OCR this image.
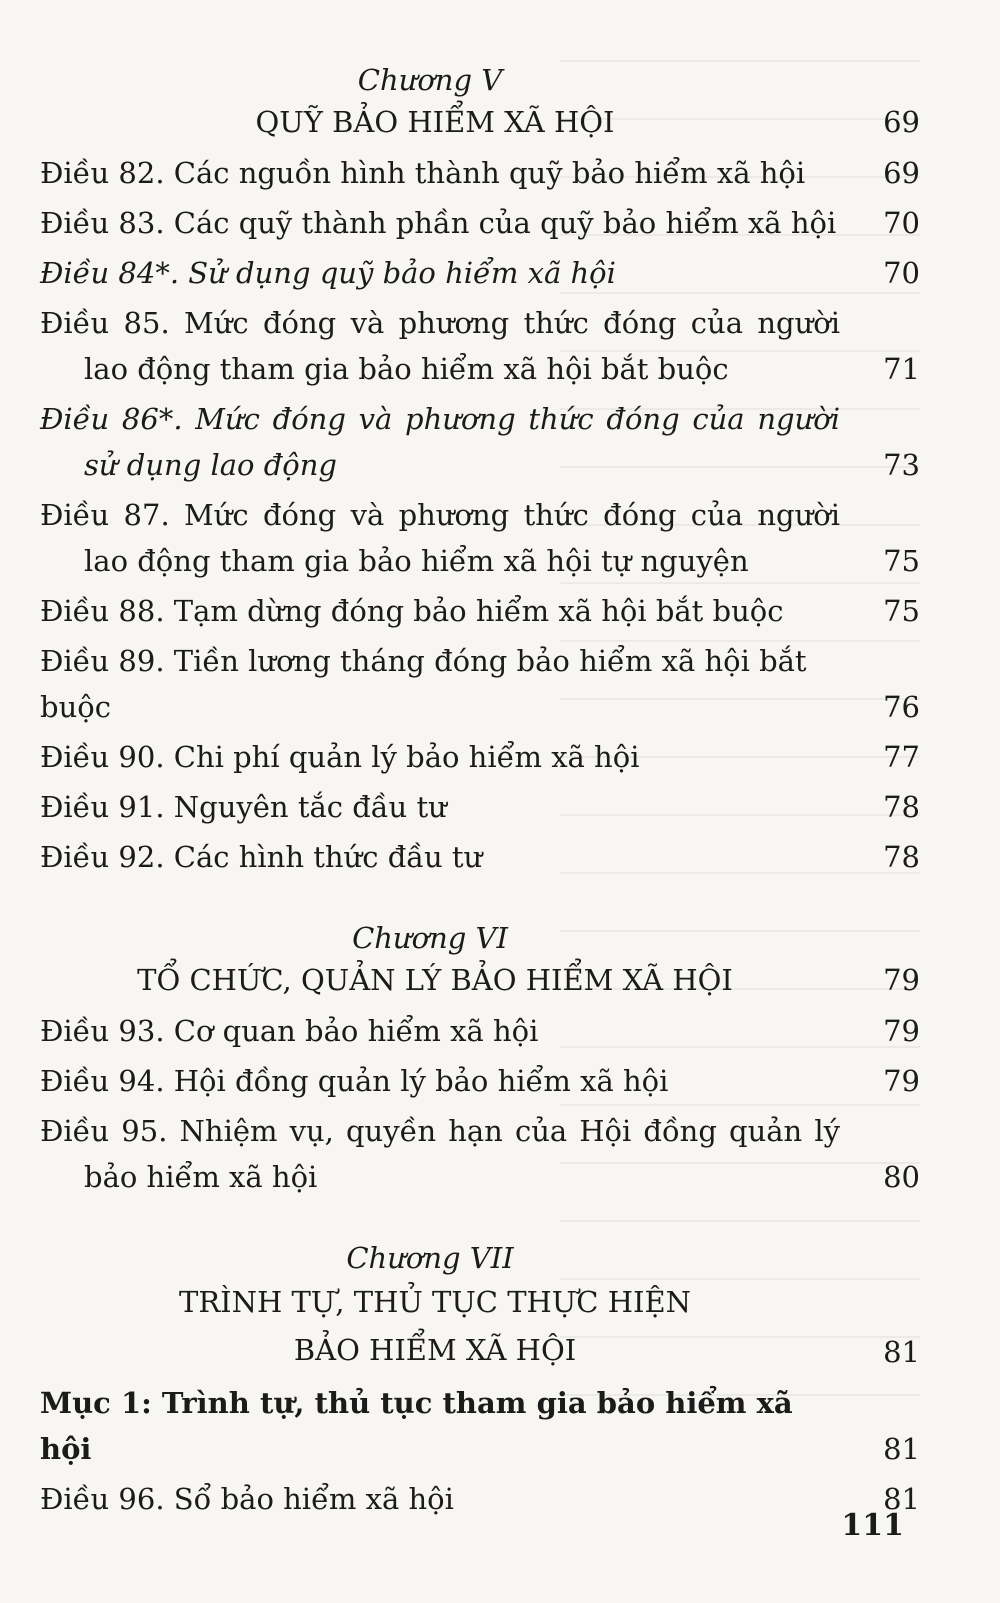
Chương V
QUỸ BẢO HIỂM XÃ HỘI	69
Điều 82. Các nguồn hình thành quỹ bảo hiểm xã hội	69
Điều 83. Các quỹ thành phần của quỹ bảo hiểm xã hội	70
Điều 84*. Sử dụng quỹ bảo hiểm xã hội	70
Điều 85. Mức đóng và phương thức đóng của người
lao động tham gia bảo hiểm xã hội bắt buộc	71
Điều 86*. Mức đóng và phương thức đóng của người
sử dụng lao động	73
Điều 87. Mức đóng và phương thức đóng của người
lao động tham gia bảo hiểm xã hội tự nguyện	75
Điều 88. Tạm dừng đóng bảo hiểm xã hội bắt buộc	75
Điều 89. Tiền lương tháng đóng bảo hiểm xã hội bắt buộc	76
Điều 90. Chi phí quản lý bảo hiểm xã hội	77
Điều 91. Nguyên tắc đầu tư	78
Điều 92. Các hình thức đầu tư	78
Chương VI
TỔ CHỨC, QUẢN LÝ BẢO HIỂM XÃ HỘI	79
Điều 93. Cơ quan bảo hiểm xã hội	79
Điều 94. Hội đồng quản lý bảo hiểm xã hội	79
Điều 95. Nhiệm vụ, quyền hạn của Hội đồng quản lý
bảo hiểm xã hội	80
Chương VII
TRÌNH TỰ, THỦ TỤC THỰC HIỆN
BẢO HIỂM XÃ HỘI	81
Mục 1: Trình tự, thủ tục tham gia bảo hiểm xã hội	81
Điều 96. Sổ bảo hiểm xã hội	81
111
